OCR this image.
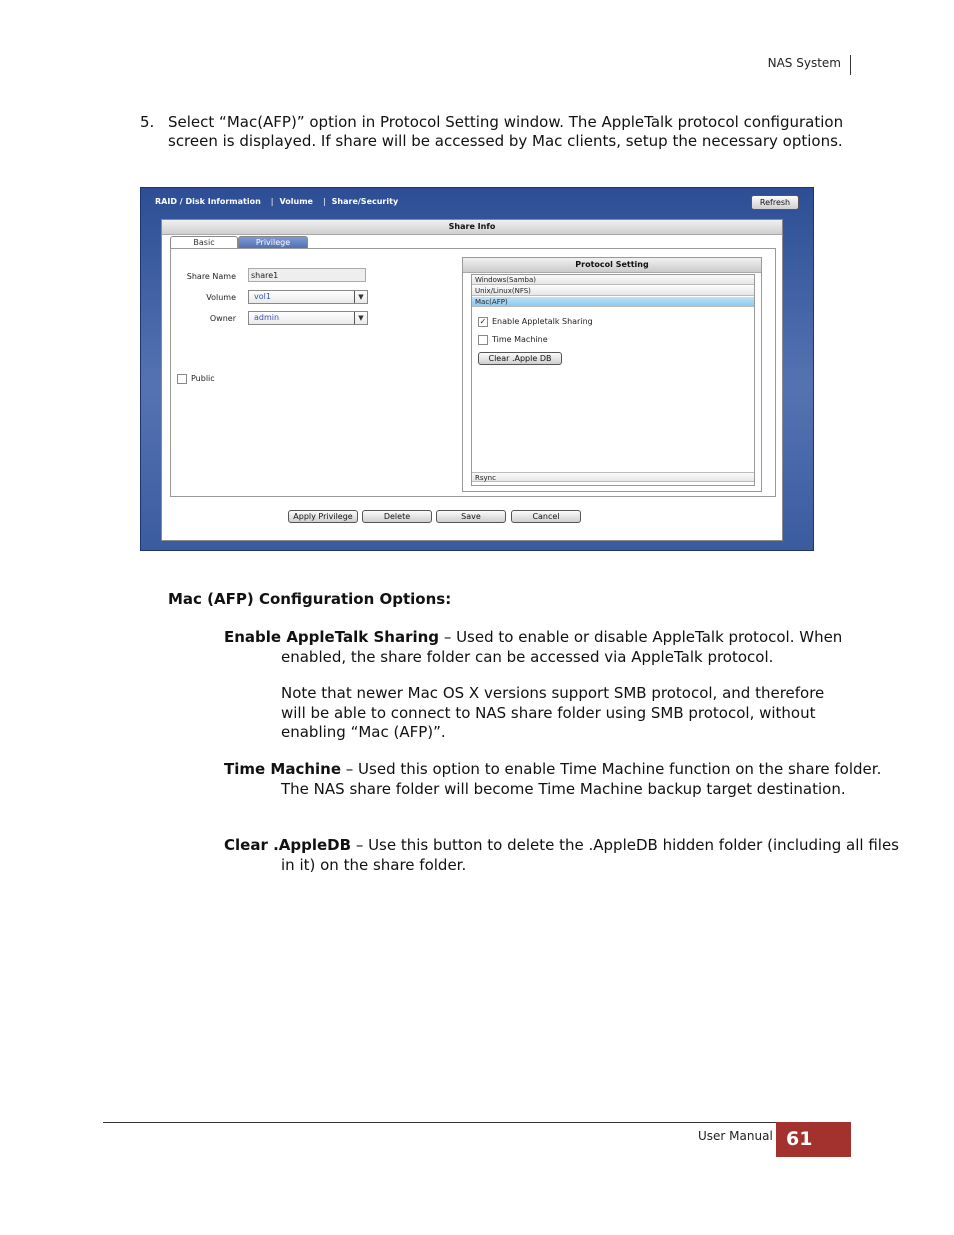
NAS System
5. Select “Mac(AFP)” option in Protocol Setting window. The AppleTalk protocol configuration screen is displayed. If share will be accessed by Mac clients, setup the necessary options.
RAID / Disk Information | Volume | Share/Security	Refresh
Share Info
Basic	Privilege
Share Name	share1
Volume	vol1	▼
Owner	admin	▼
Public
Protocol Setting
Windows(Samba)
Unix/Linux(NFS)
Mac(AFP)
✓ Enable Appletalk Sharing
Time Machine
Clear .Apple DB
Rsync
Apply Privilege	Delete	Save	Cancel
Mac (AFP) Configuration Options:
Enable AppleTalk Sharing – Used to enable or disable AppleTalk protocol. When enabled, the share folder can be accessed via AppleTalk protocol.
Note that newer Mac OS X versions support SMB protocol, and therefore will be able to connect to NAS share folder using SMB protocol, without enabling “Mac (AFP)”.
Time Machine – Used this option to enable Time Machine function on the share folder. The NAS share folder will become Time Machine backup target destination.
Clear .AppleDB – Use this button to delete the .AppleDB hidden folder (including all files in it) on the share folder.
User Manual 61
